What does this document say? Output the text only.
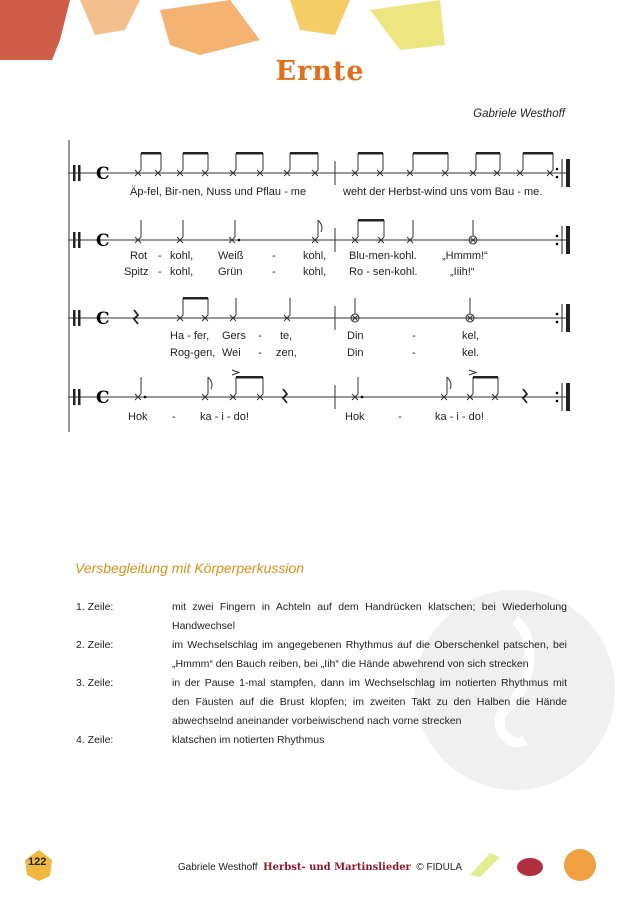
Ernte
Gabriele Westhoff
C
C
C
C
Äp-fel, Bir-nen, Nuss und Pflau - me	weht der Herbst-wind uns vom Bau - me.
Rot - kohl, Weiß	- kohl, Blu-men-kohl. „Hmmm!“
Spitz - kohl, Grün	- kohl, Ro - sen-kohl.	„Iiih!“
Ha - fer, Gers - te,	Din	-	kel,
Rog-gen, Wei - zen,	Din	-	kel.
Hok - ka - i - do!	Hok	-	ka - i - do!
Versbegleitung mit Körperperkussion
1. Zeile:	mit zwei Fingern in Achteln auf dem Handrücken klatschen; bei Wiederholung Handwechsel
2. Zeile:	im Wechselschlag im angegebenen Rhythmus auf die Oberschenkel patschen, bei „Hmmm“ den Bauch reiben, bei „Iih“ die Hände abwehrend von sich strecken
3. Zeile:	in der Pause 1-mal stampfen, dann im Wechselschlag im notierten Rhythmus mit den Fäusten auf die Brust klopfen; im zweiten Takt zu den Halben die Hände abwechselnd aneinander vorbeiwischend nach vorne strecken
4. Zeile:	klatschen im notierten Rhythmus
122	Gabriele Westhoff Herbst- und Martinslieder © FIDULA
